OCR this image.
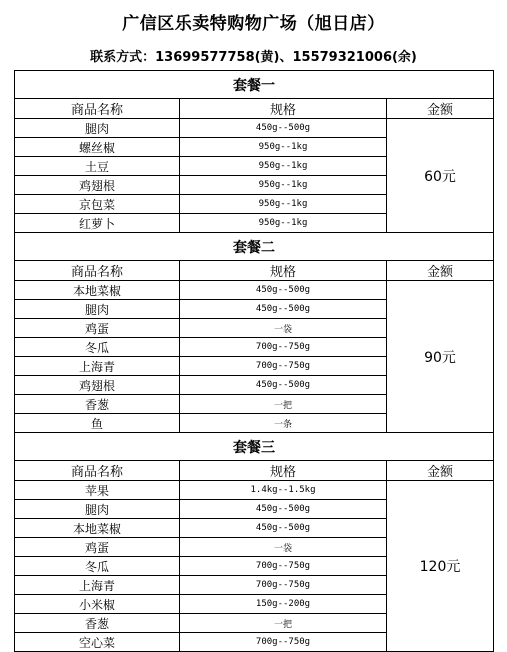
广信区乐卖特购物广场（旭日店）
联系方式：13699577758(黄)、15579321006(余)
套餐一		
商品名称	规格	金额
腿肉	450g--500g	60元
螺丝椒	950g--1kg	
土豆	950g--1kg	
鸡翅根	950g--1kg	
京包菜	950g--1kg	
红萝卜	950g--1kg	
套餐二		
商品名称	规格	金额
本地菜椒	450g--500g	90元
腿肉	450g--500g	
鸡蛋	一袋	
冬瓜	700g--750g	
上海青	700g--750g	
鸡翅根	450g--500g	
香葱	一把	
鱼	一条	
套餐三		
商品名称	规格	金额
苹果	1.4kg--1.5kg	120元
腿肉	450g--500g	
本地菜椒	450g--500g	
鸡蛋	一袋	
冬瓜	700g--750g	
上海青	700g--750g	
小米椒	150g--200g	
香葱	一把	
空心菜	700g--750g	
